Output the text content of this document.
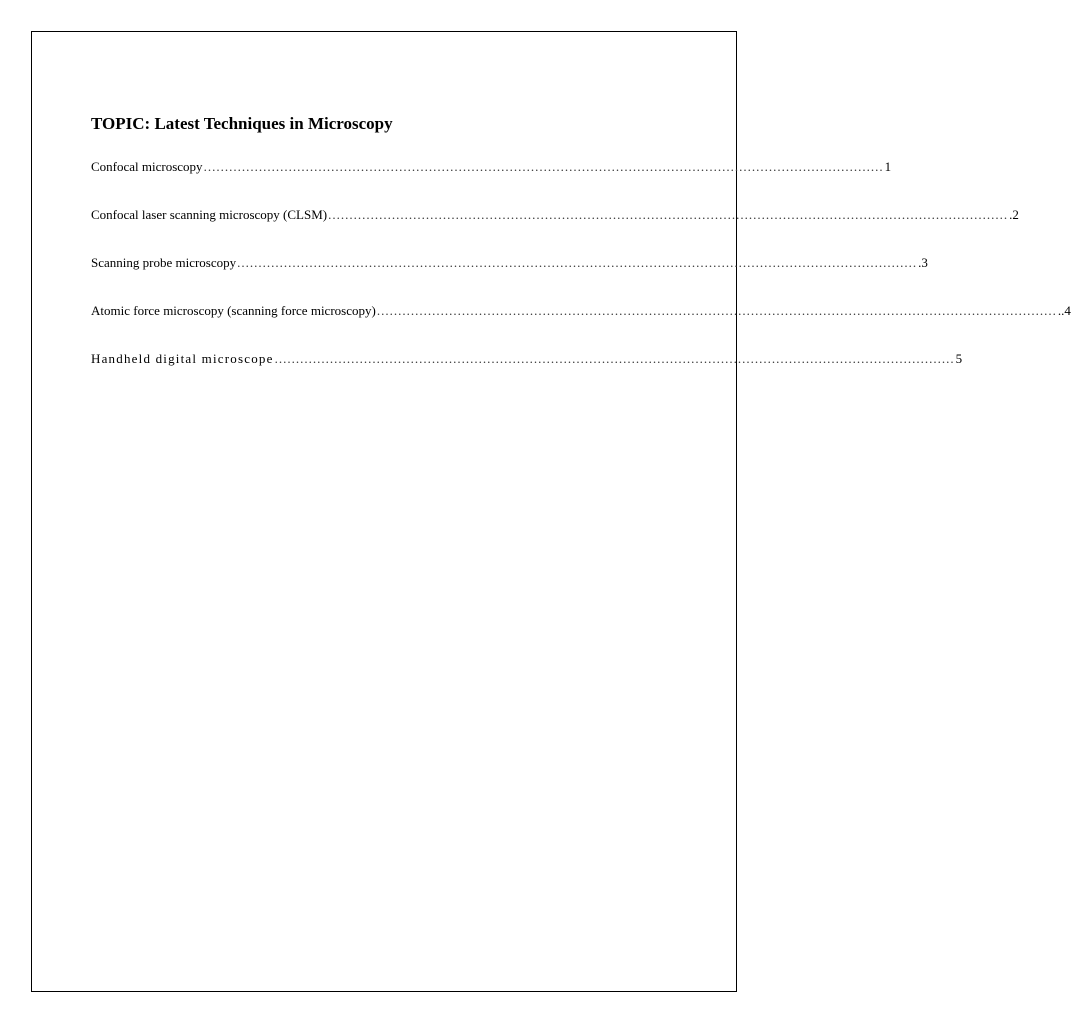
TOPIC: Latest Techniques in Microscopy
Confocal microscopy ................................................................................................................................................................ 1
Confocal laser scanning microscopy (CLSM) ................................................................................................................................................................ .2
Scanning probe microscopy ................................................................................................................................................................ .3
Atomic force microscopy (scanning force microscopy) ................................................................................................................................................................ ..4
Handheld digital microscope ................................................................................................................................................................ 5
